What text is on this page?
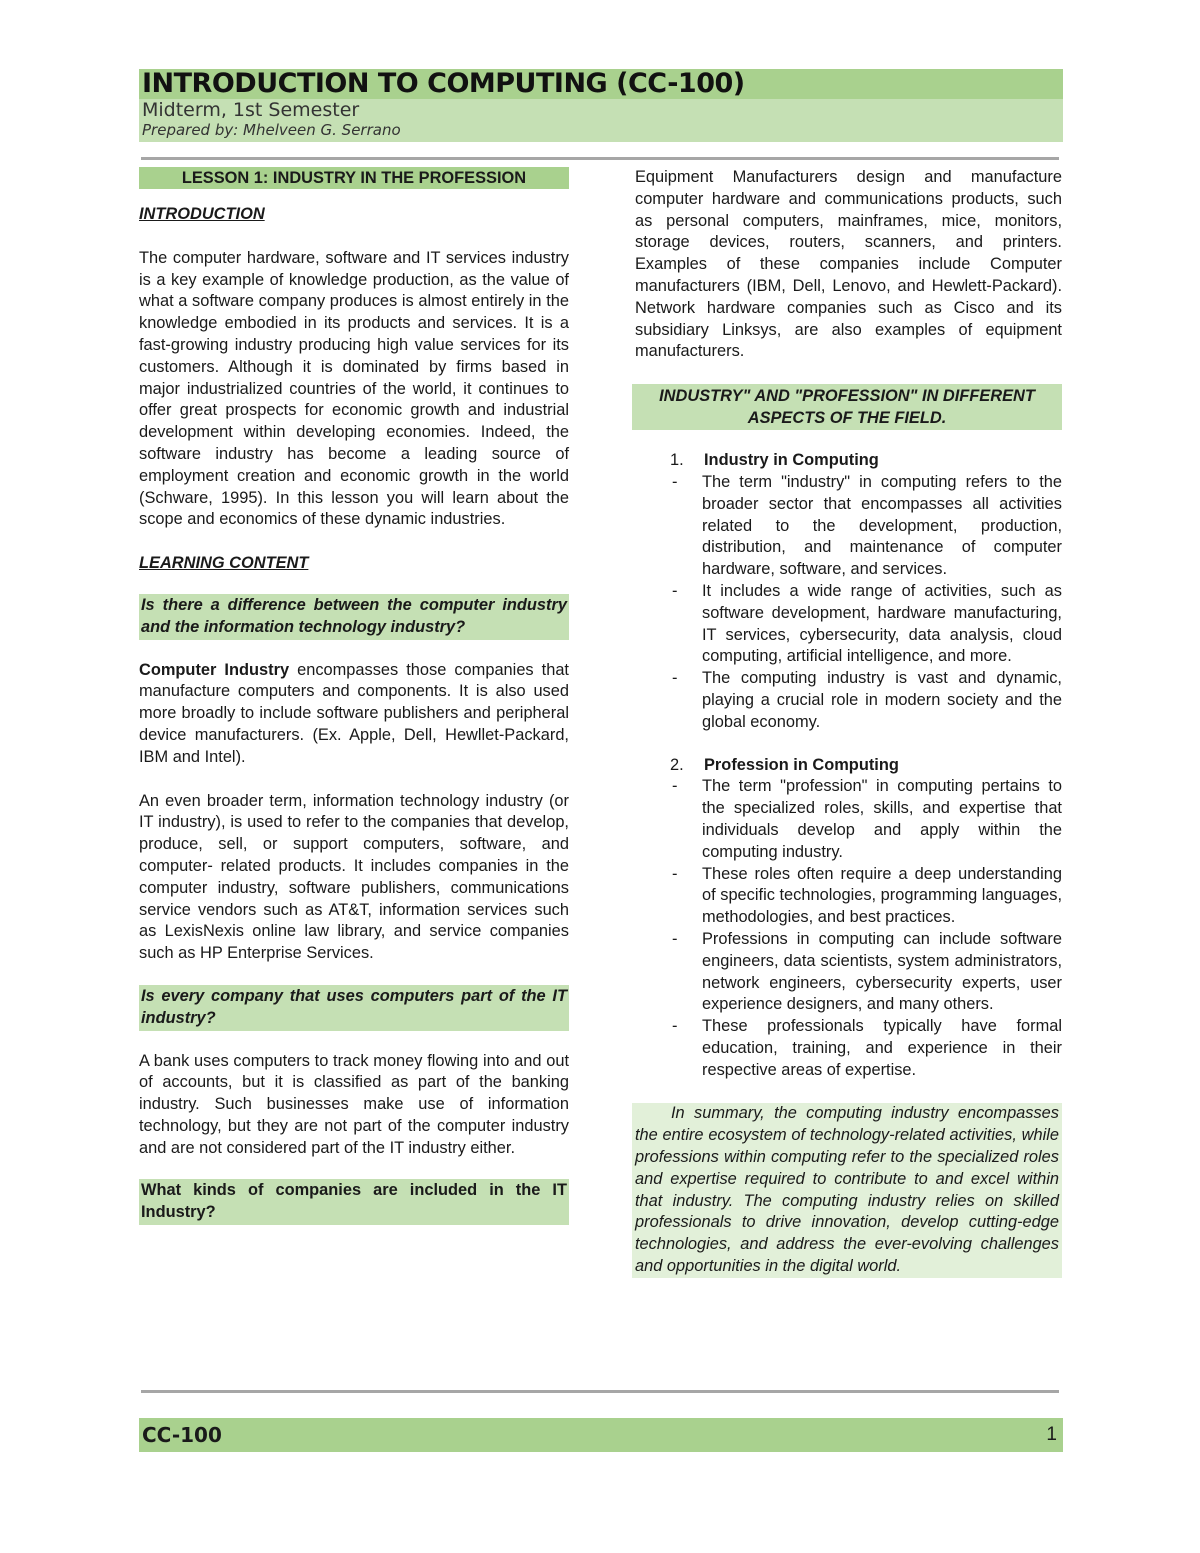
INTRODUCTION TO COMPUTING (CC-100)
Midterm, 1st Semester
Prepared by: Mhelveen G. Serrano
LESSON 1: INDUSTRY IN THE PROFESSION

INTRODUCTION

The computer hardware, software and IT services industry is a key example of knowledge production, as the value of what a software company produces is almost entirely in the knowledge embodied in its products and services. It is a fast-growing industry producing high value services for its customers. Although it is dominated by firms based in major industrialized countries of the world, it continues to offer great prospects for economic growth and industrial development within developing economies. Indeed, the software industry has become a leading source of employment creation and economic growth in the world (Schware, 1995). In this lesson you will learn about the scope and economics of these dynamic industries.

LEARNING CONTENT

Is there a difference between the computer industry and the information technology industry?

Computer Industry encompasses those companies that manufacture computers and components. It is also used more broadly to include software publishers and peripheral device manufacturers. (Ex. Apple, Dell, Hewllet-Packard, IBM and Intel).

An even broader term, information technology industry (or IT industry), is used to refer to the companies that develop, produce, sell, or support computers, software, and computer- related products. It includes companies in the computer industry, software publishers, communications service vendors such as AT&T, information services such as LexisNexis online law library, and service companies such as HP Enterprise Services.

Is every company that uses computers part of the IT industry?

A bank uses computers to track money flowing into and out of accounts, but it is classified as part of the banking industry. Such businesses make use of information technology, but they are not part of the computer industry and are not considered part of the IT industry either.

What kinds of companies are included in the IT Industry?

Equipment Manufacturers design and manufacture computer hardware and communications products, such as personal computers, mainframes, mice, monitors, storage devices, routers, scanners, and printers. Examples of these companies include Computer manufacturers (IBM, Dell, Lenovo, and Hewlett-Packard). Network hardware companies such as Cisco and its subsidiary Linksys, are also examples of equipment manufacturers.

INDUSTRY" AND "PROFESSION" IN DIFFERENT ASPECTS OF THE FIELD.
1.	Industry in Computing
-	The term "industry" in computing refers to the broader sector that encompasses all activities related to the development, production, distribution, and maintenance of computer hardware, software, and services.
-	It includes a wide range of activities, such as software development, hardware manufacturing, IT services, cybersecurity, data analysis, cloud computing, artificial intelligence, and more.
-	The computing industry is vast and dynamic, playing a crucial role in modern society and the global economy.
2.	Profession in Computing
-	The term "profession" in computing pertains to the specialized roles, skills, and expertise that individuals develop and apply within the computing industry.
-	These roles often require a deep understanding of specific technologies, programming languages, methodologies, and best practices.
-	Professions in computing can include software engineers, data scientists, system administrators, network engineers, cybersecurity experts, user experience designers, and many others.
-	These professionals typically have formal education, training, and experience in their respective areas of expertise.
In summary, the computing industry encompasses the entire ecosystem of technology-related activities, while professions within computing refer to the specialized roles and expertise required to contribute to and excel within that industry. The computing industry relies on skilled professionals to drive innovation, develop cutting-edge technologies, and address the ever-evolving challenges and opportunities in the digital world.
CC-100	1
